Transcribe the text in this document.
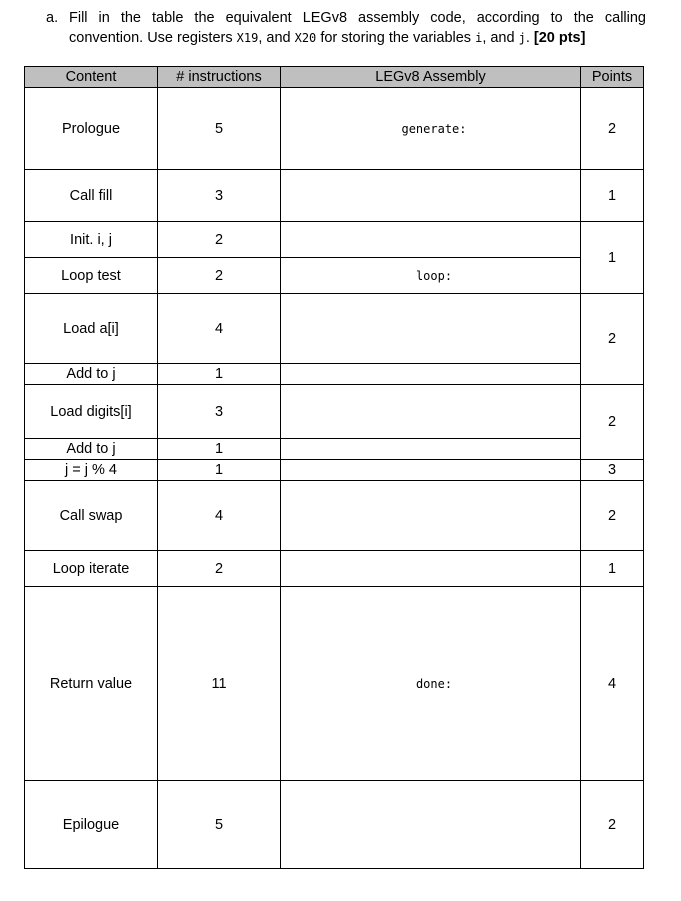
a. Fill in the table the equivalent LEGv8 assembly code, according to the calling
convention. Use registers X19, and X20 for storing the variables i, and j. [20 pts]
Content	# instructions	LEGv8 Assembly	Points
Prologue	5	generate:	2
Call fill	3		1
Init. i, j	2		1
Loop test	2	loop:	

Load a[i]	4		2
Add to j	1		
Load digits[i]	3		2
Add to j	1		
j = j % 4	1		3
Call swap	4		2
Loop iterate	2		1
Return value	11	done:	4
Epilogue	5		2
